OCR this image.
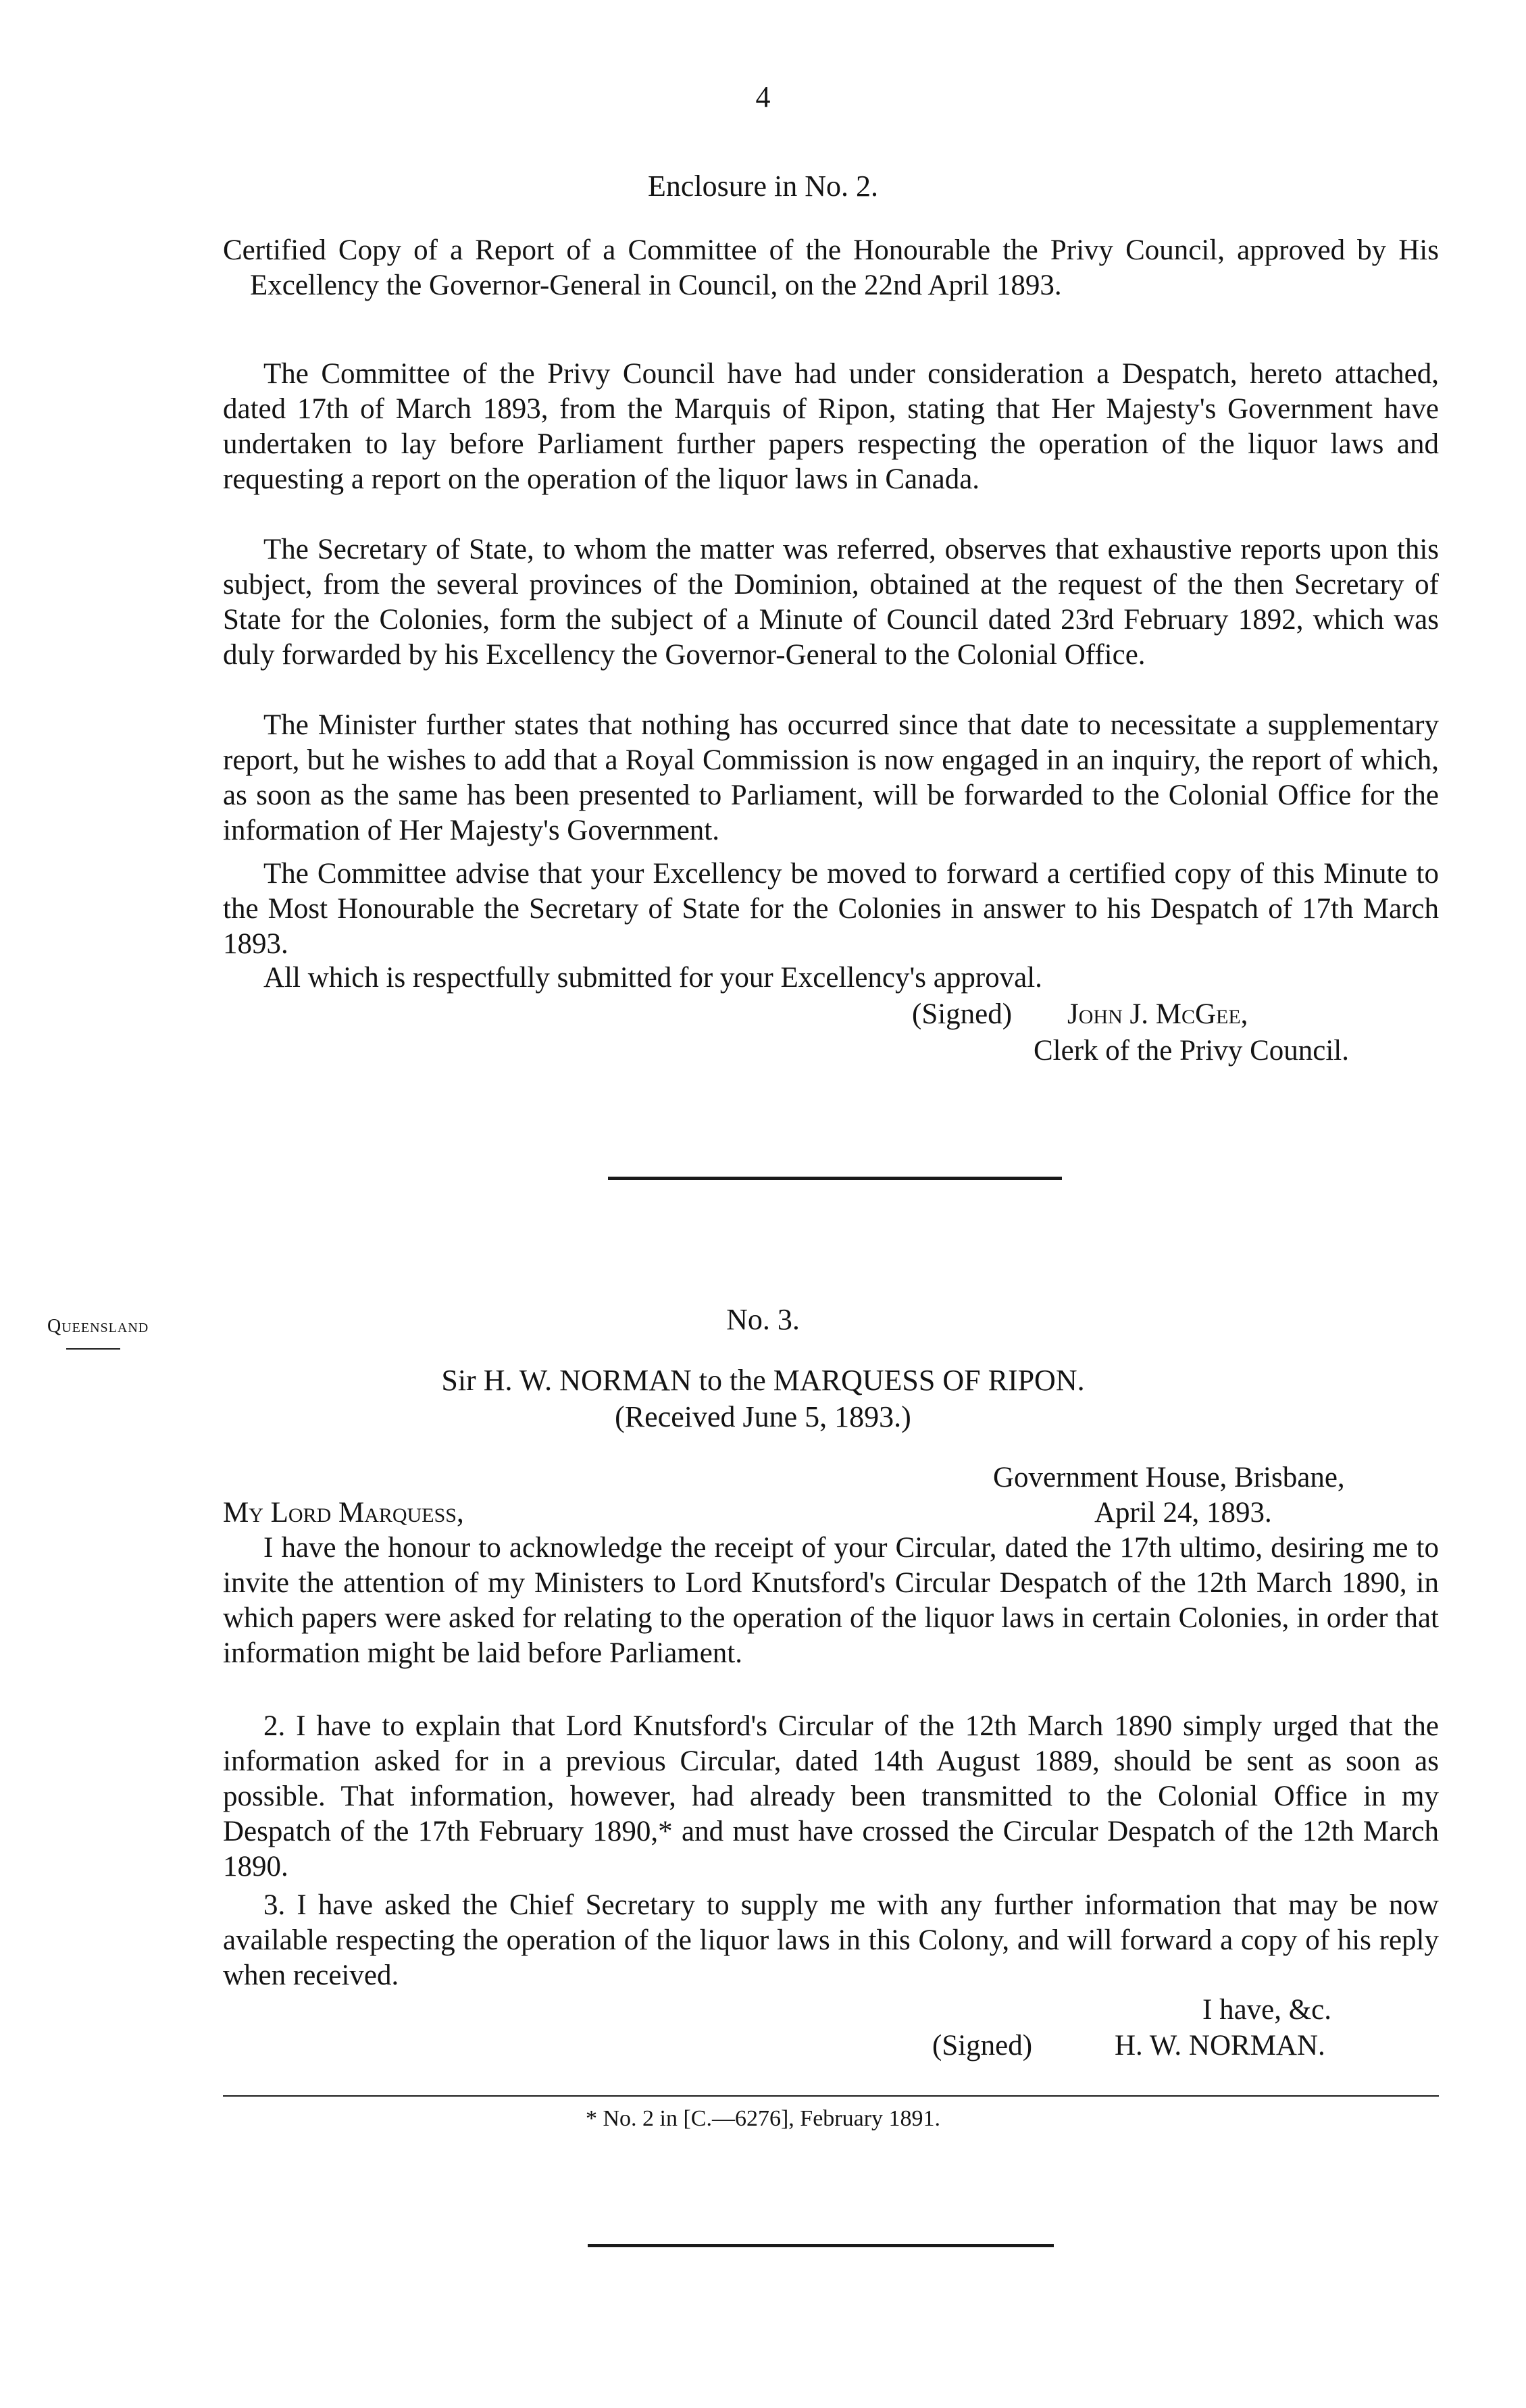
4
Enclosure in No. 2.

Certified Copy of a Report of a Committee of the Honourable the Privy Council, approved by His Excellency the Governor-General in Council, on the 22nd April 1893.

The Committee of the Privy Council have had under consideration a Despatch, hereto attached, dated 17th of March 1893, from the Marquis of Ripon, stating that Her Majesty's Government have undertaken to lay before Parliament further papers respecting the operation of the liquor laws and requesting a report on the operation of the liquor laws in Canada.

The Secretary of State, to whom the matter was referred, observes that exhaustive reports upon this subject, from the several provinces of the Dominion, obtained at the request of the then Secretary of State for the Colonies, form the subject of a Minute of Council dated 23rd February 1892, which was duly forwarded by his Excellency the Governor-General to the Colonial Office.

The Minister further states that nothing has occurred since that date to necessitate a supplementary report, but he wishes to add that a Royal Commission is now engaged in an inquiry, the report of which, as soon as the same has been presented to Parliament, will be forwarded to the Colonial Office for the information of Her Majesty's Government.

The Committee advise that your Excellency be moved to forward a certified copy of this Minute to the Most Honourable the Secretary of State for the Colonies in answer to his Despatch of 17th March 1893.

All which is respectfully submitted for your Excellency's approval.

(Signed) John J. McGee,
Clerk of the Privy Council.
Queensland	No. 3.
Sir H. W. NORMAN to the MARQUESS OF RIPON.
(Received June 5, 1893.)
Government House, Brisbane,
My Lord Marquess,	April 24, 1893.

I have the honour to acknowledge the receipt of your Circular, dated the 17th ultimo, desiring me to invite the attention of my Ministers to Lord Knutsford's Circular Despatch of the 12th March 1890, in which papers were asked for relating to the operation of the liquor laws in certain Colonies, in order that information might be laid before Parliament.

2. I have to explain that Lord Knutsford's Circular of the 12th March 1890 simply urged that the information asked for in a previous Circular, dated 14th August 1889, should be sent as soon as possible. That information, however, had already been transmitted to the Colonial Office in my Despatch of the 17th February 1890,* and must have crossed the Circular Despatch of the 12th March 1890.

3. I have asked the Chief Secretary to supply me with any further information that may be now available respecting the operation of the liquor laws in this Colony, and will forward a copy of his reply when received.

I have, &c.
(Signed)	H. W. NORMAN.
* No. 2 in [C.—6276], February 1891.
